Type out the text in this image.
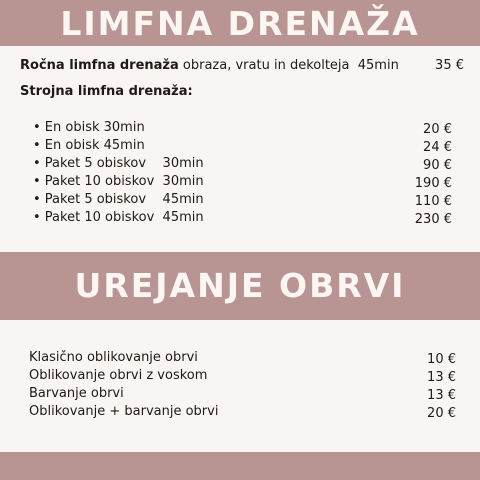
LIMFNA DRENAŽA
Ročna limfna drenaža obraza, vratu in dekolteja  45min	35 €
Strojna limfna drenaža:
• En obisk 30min	20 €
• En obisk 45min	24 €
• Paket 5 obiskov    30min	90 €
• Paket 10 obiskov  30min	190 €
• Paket 5 obiskov    45min	110 €
• Paket 10 obiskov  45min	230 €
UREJANJE OBRVI
Klasično oblikovanje obrvi	10 €
Oblikovanje obrvi z voskom	13 €
Barvanje obrvi	13 €
Oblikovanje + barvanje obrvi	20 €
